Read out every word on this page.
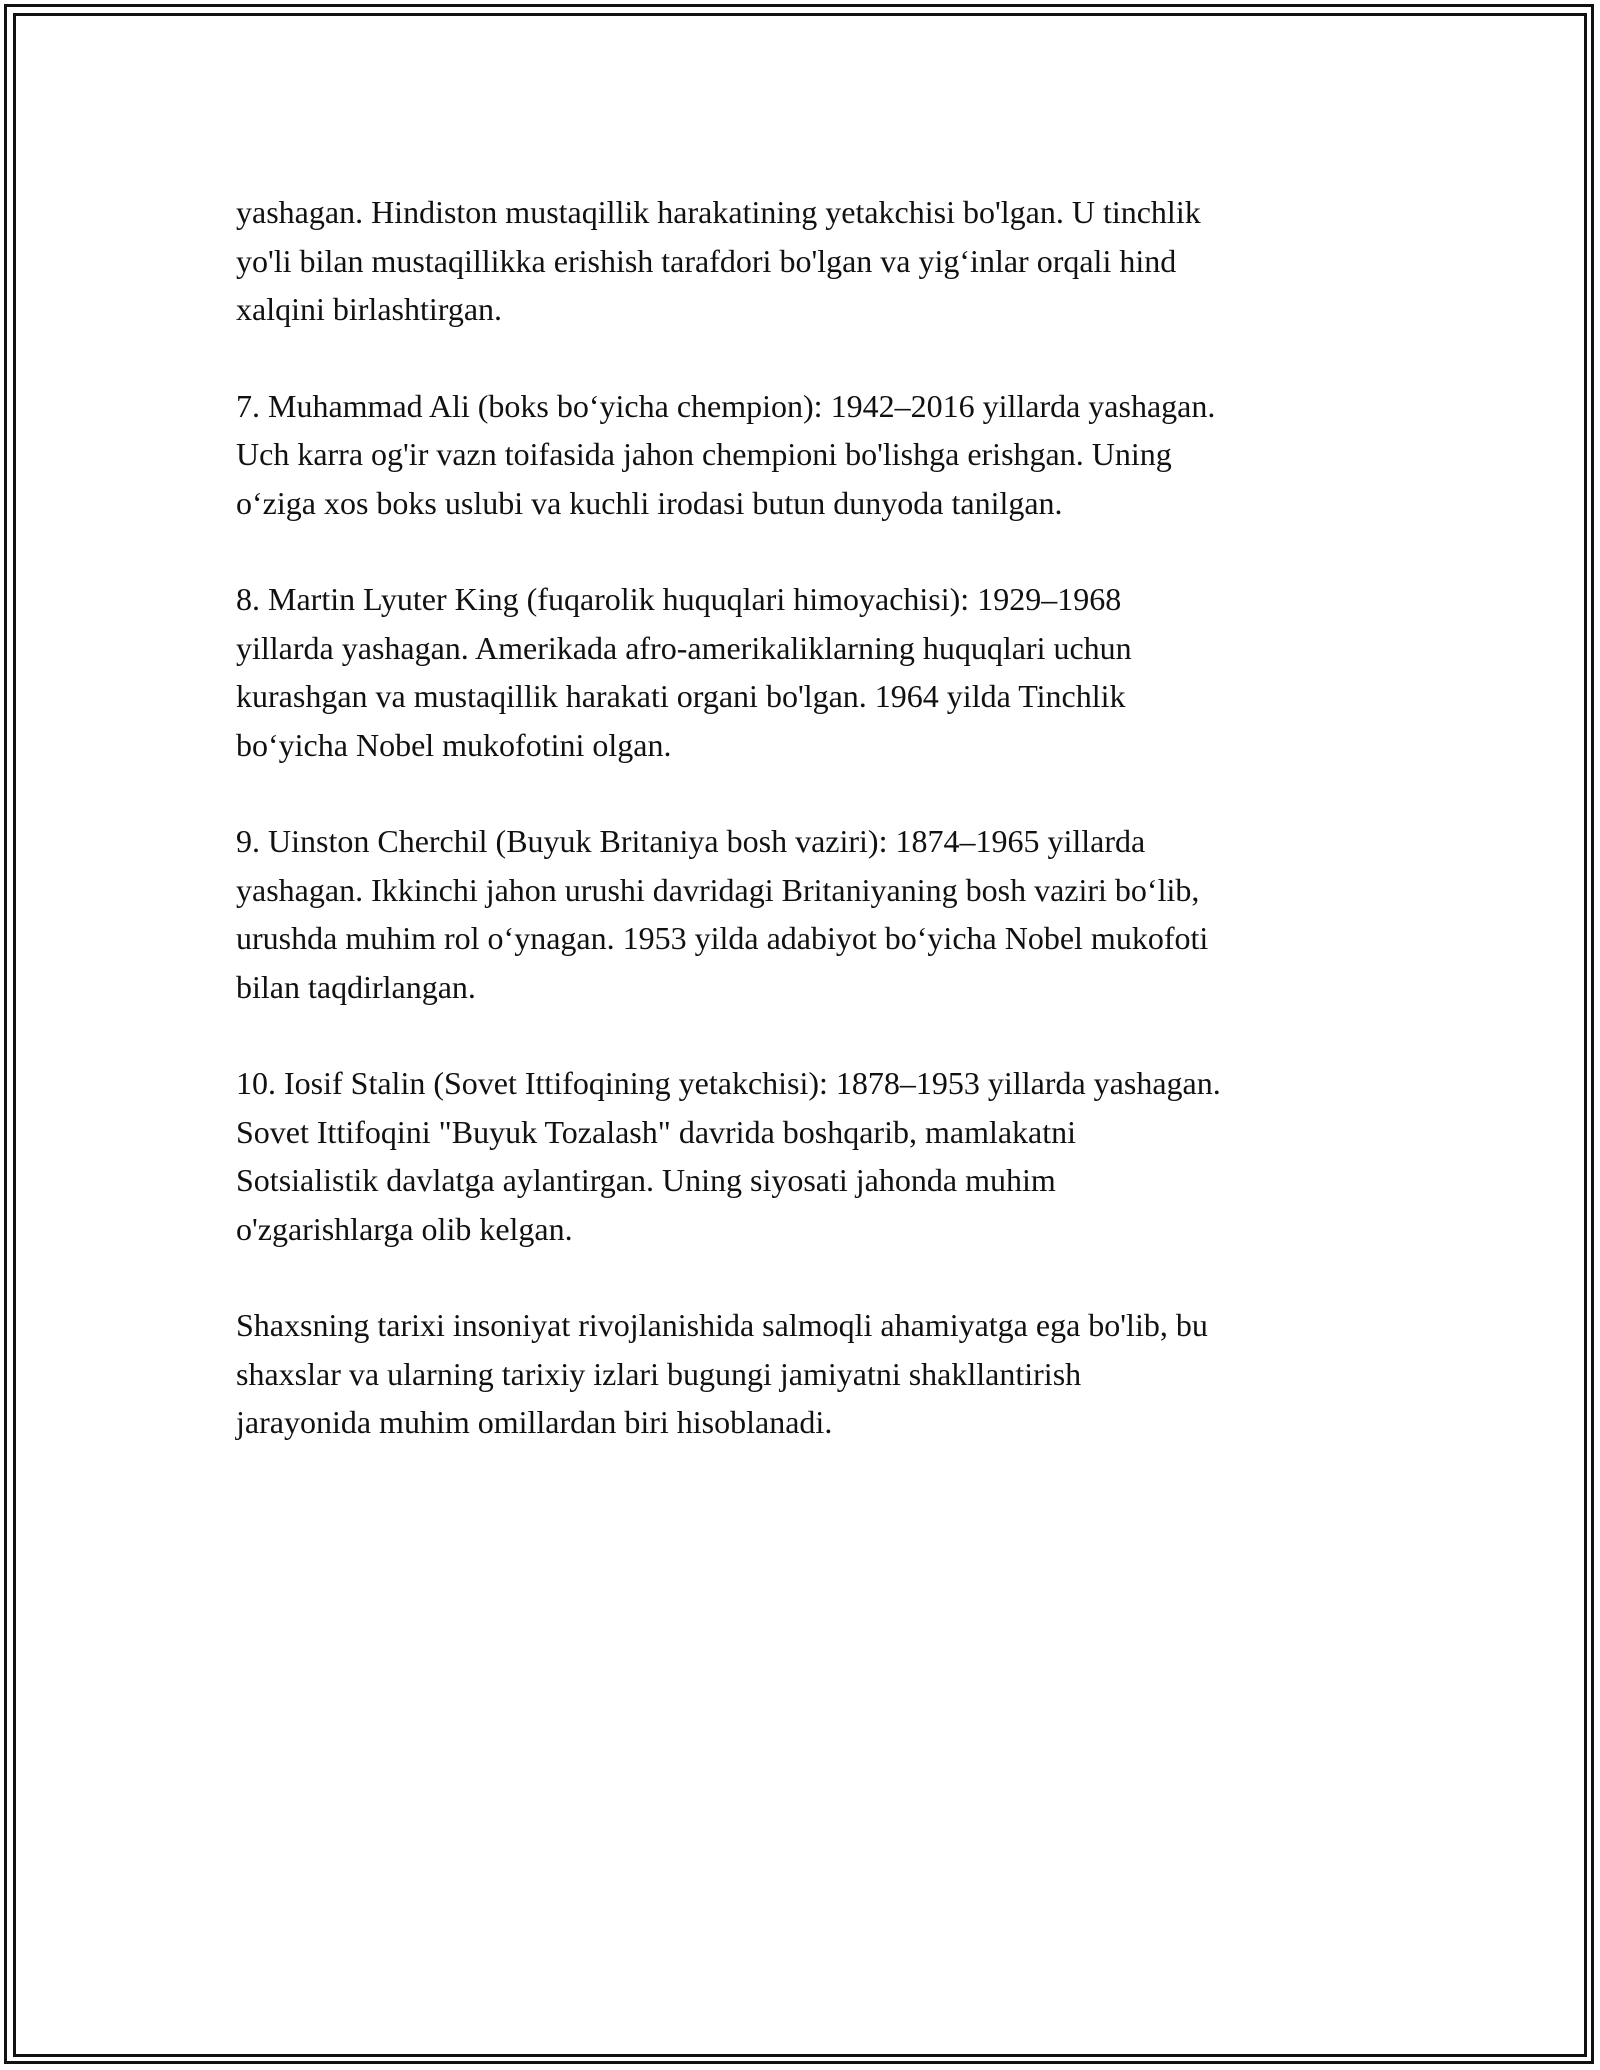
yashagan. Hindiston mustaqillik harakatining yetakchisi bo'lgan. U tinchlik
yo'li bilan mustaqillikka erishish tarafdori bo'lgan va yig‘inlar orqali hind
xalqini birlashtirgan.

7. Muhammad Ali (boks bo‘yicha chempion): 1942–2016 yillarda yashagan.
Uch karra og'ir vazn toifasida jahon chempioni bo'lishga erishgan. Uning
o‘ziga xos boks uslubi va kuchli irodasi butun dunyoda tanilgan.

8. Martin Lyuter King (fuqarolik huquqlari himoyachisi): 1929–1968
yillarda yashagan. Amerikada afro-amerikaliklarning huquqlari uchun
kurashgan va mustaqillik harakati organi bo'lgan. 1964 yilda Tinchlik
bo‘yicha Nobel mukofotini olgan.

9. Uinston Cherchil (Buyuk Britaniya bosh vaziri): 1874–1965 yillarda
yashagan. Ikkinchi jahon urushi davridagi Britaniyaning bosh vaziri bo‘lib,
urushda muhim rol o‘ynagan. 1953 yilda adabiyot bo‘yicha Nobel mukofoti
bilan taqdirlangan.

10. Iosif Stalin (Sovet Ittifoqining yetakchisi): 1878–1953 yillarda yashagan.
Sovet Ittifoqini "Buyuk Tozalash" davrida boshqarib, mamlakatni
Sotsialistik davlatga aylantirgan. Uning siyosati jahonda muhim
o'zgarishlarga olib kelgan.

Shaxsning tarixi insoniyat rivojlanishida salmoqli ahamiyatga ega bo'lib, bu
shaxslar va ularning tarixiy izlari bugungi jamiyatni shakllantirish
jarayonida muhim omillardan biri hisoblanadi.
